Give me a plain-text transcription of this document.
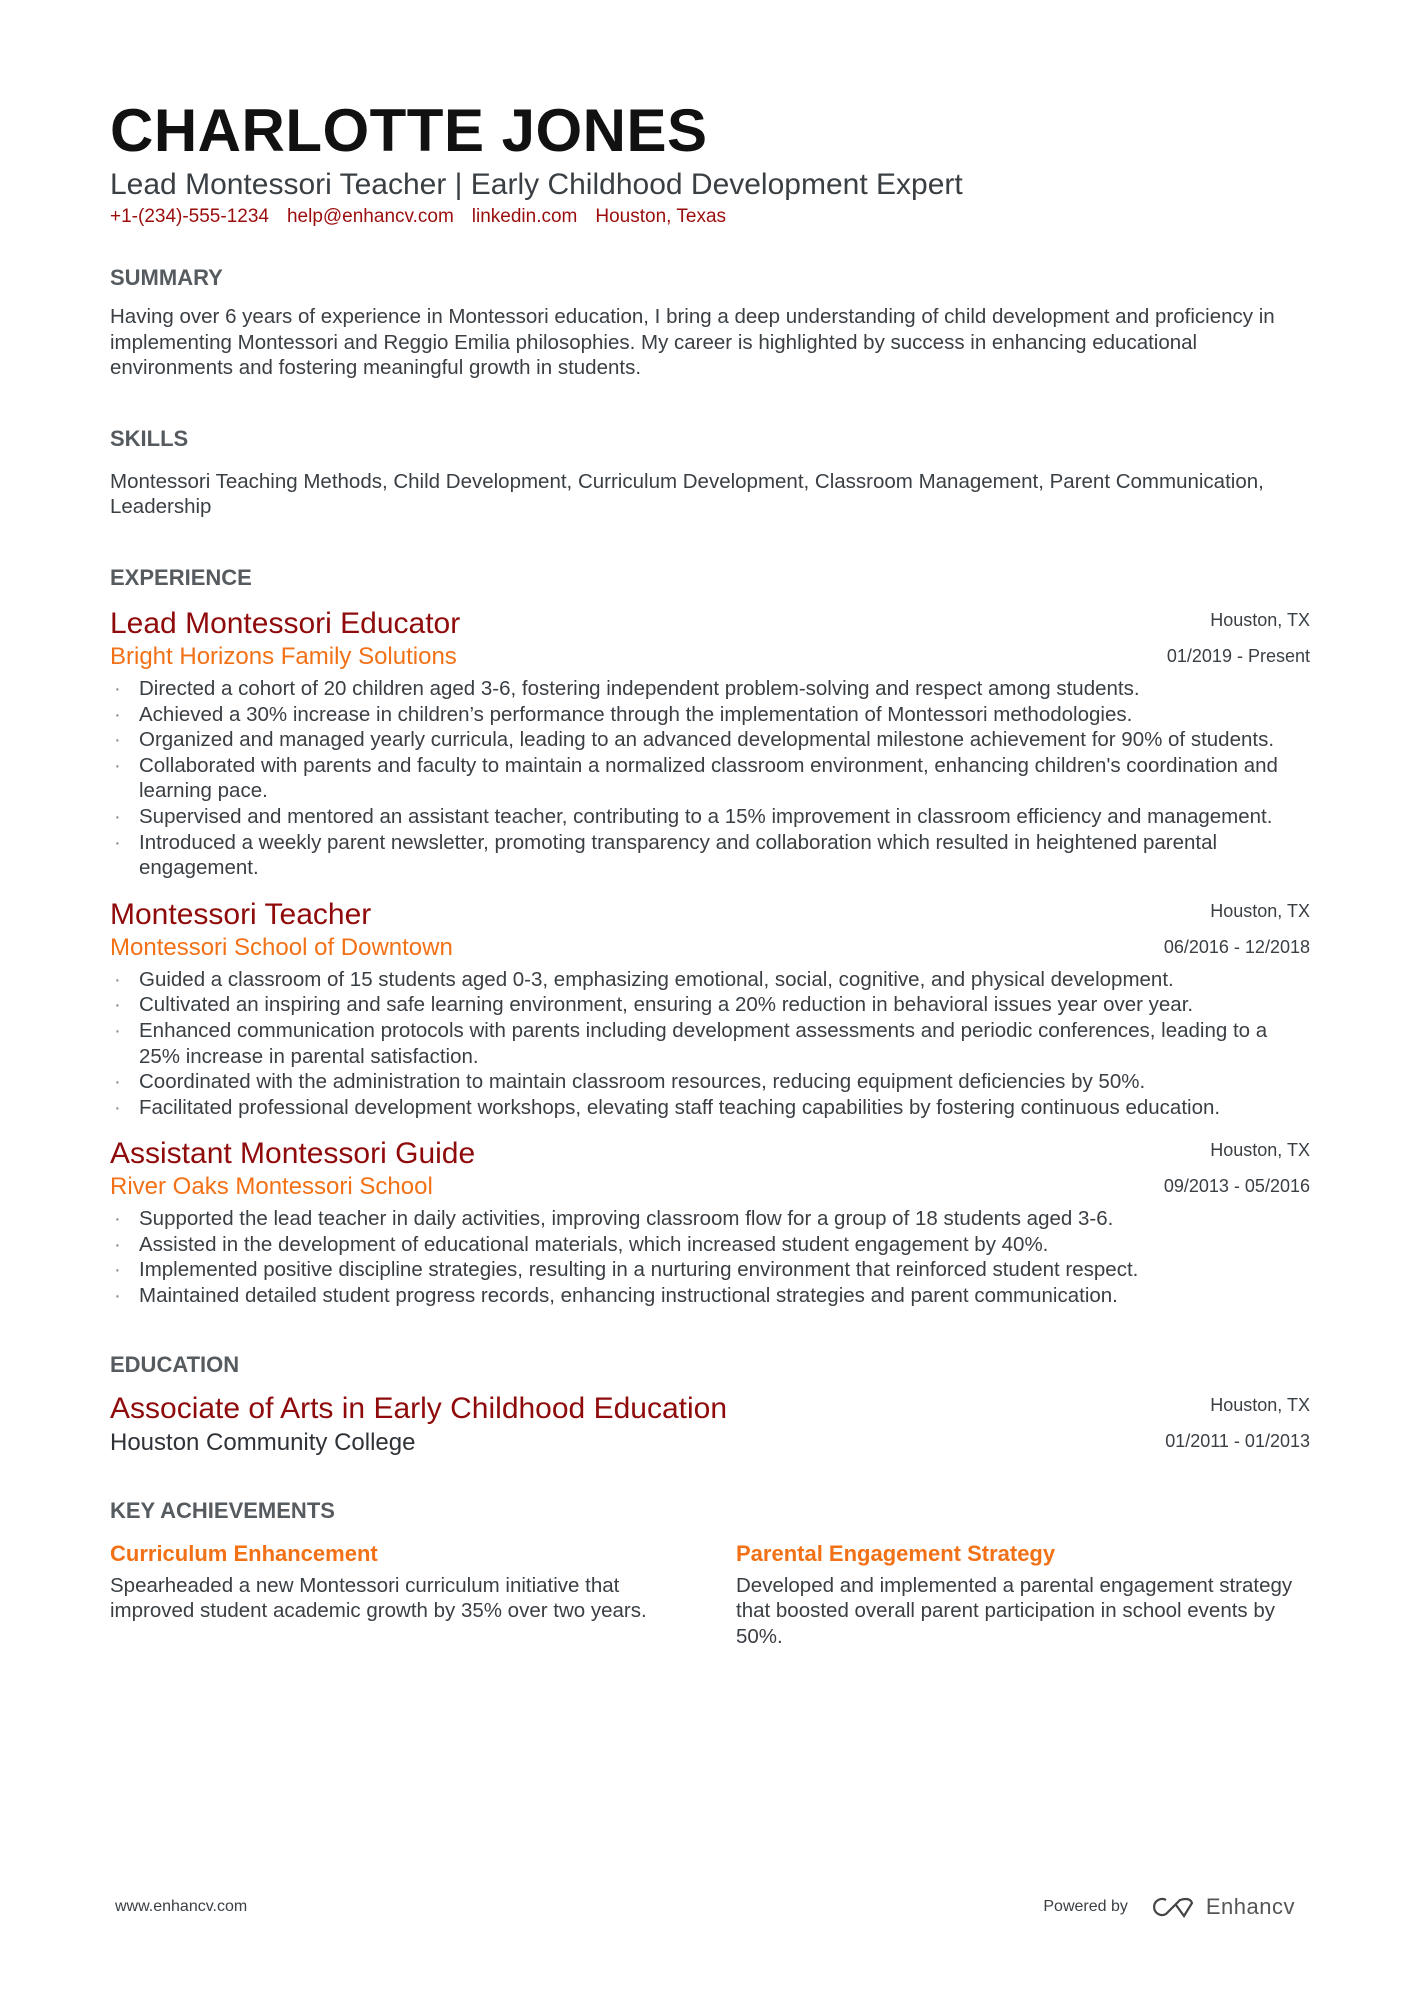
CHARLOTTE JONES
Lead Montessori Teacher | Early Childhood Development Expert
+1-(234)-555-1234 help@enhancv.com linkedin.com Houston, Texas
SUMMARY
Having over 6 years of experience in Montessori education, I bring a deep understanding of child development and proficiency in implementing Montessori and Reggio Emilia philosophies. My career is highlighted by success in enhancing educational environments and fostering meaningful growth in students.
SKILLS
Montessori Teaching Methods, Child Development, Curriculum Development, Classroom Management, Parent Communication, Leadership
EXPERIENCE
Lead Montessori Educator
Bright Horizons Family Solutions
Houston, TX
01/2019 - Present
· Directed a cohort of 20 children aged 3-6, fostering independent problem-solving and respect among students.
· Achieved a 30% increase in children’s performance through the implementation of Montessori methodologies.
· Organized and managed yearly curricula, leading to an advanced developmental milestone achievement for 90% of students.
· Collaborated with parents and faculty to maintain a normalized classroom environment, enhancing children's coordination and learning pace.
· Supervised and mentored an assistant teacher, contributing to a 15% improvement in classroom efficiency and management.
· Introduced a weekly parent newsletter, promoting transparency and collaboration which resulted in heightened parental engagement.
Montessori Teacher
Montessori School of Downtown
Houston, TX
06/2016 - 12/2018
· Guided a classroom of 15 students aged 0-3, emphasizing emotional, social, cognitive, and physical development.
· Cultivated an inspiring and safe learning environment, ensuring a 20% reduction in behavioral issues year over year.
· Enhanced communication protocols with parents including development assessments and periodic conferences, leading to a 25% increase in parental satisfaction.
· Coordinated with the administration to maintain classroom resources, reducing equipment deficiencies by 50%.
· Facilitated professional development workshops, elevating staff teaching capabilities by fostering continuous education.
Assistant Montessori Guide
River Oaks Montessori School
Houston, TX
09/2013 - 05/2016
· Supported the lead teacher in daily activities, improving classroom flow for a group of 18 students aged 3-6.
· Assisted in the development of educational materials, which increased student engagement by 40%.
· Implemented positive discipline strategies, resulting in a nurturing environment that reinforced student respect.
· Maintained detailed student progress records, enhancing instructional strategies and parent communication.
EDUCATION
Associate of Arts in Early Childhood Education
Houston Community College
Houston, TX
01/2011 - 01/2013
KEY ACHIEVEMENTS
Curriculum Enhancement
Spearheaded a new Montessori curriculum initiative that improved student academic growth by 35% over two years.
Parental Engagement Strategy
Developed and implemented a parental engagement strategy that boosted overall parent participation in school events by 50%.
www.enhancv.com	Powered by	Enhancv
